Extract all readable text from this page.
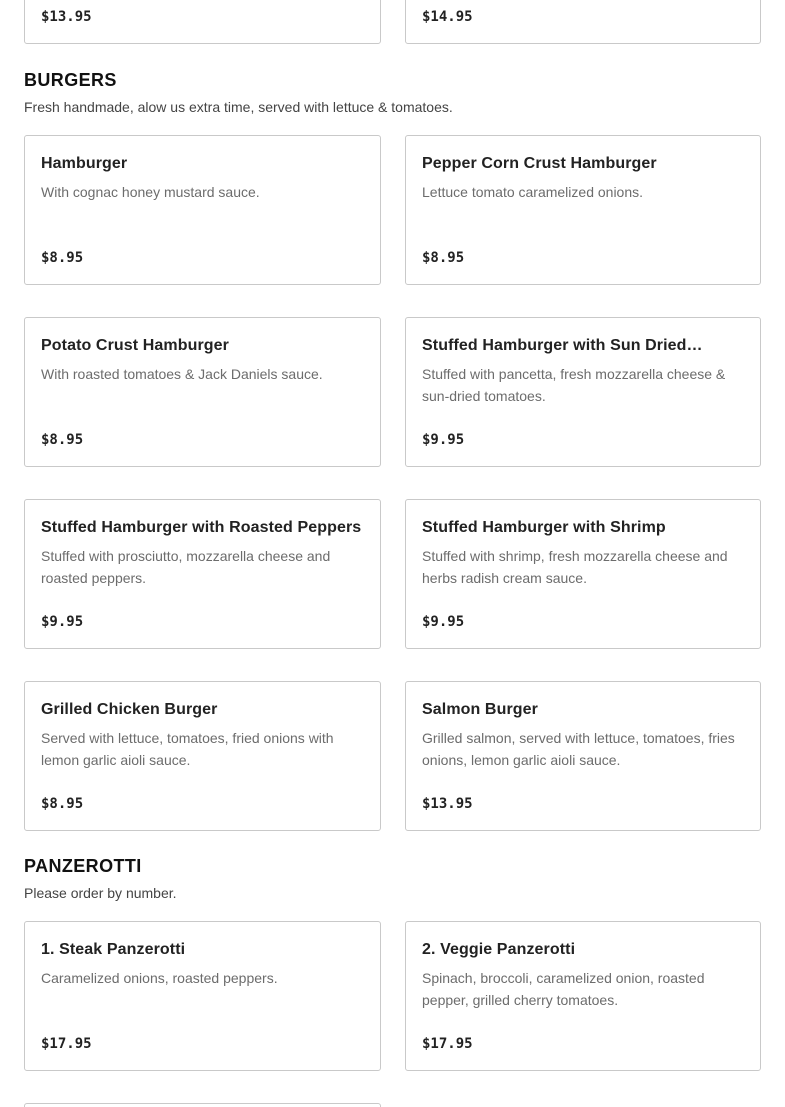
$13.95	$14.95
BURGERS
Fresh handmade, alow us extra time, served with lettuce & tomatoes.
Hamburger
With cognac honey mustard sauce.
$8.95
Pepper Corn Crust Hamburger
Lettuce tomato caramelized onions.
$8.95
Potato Crust Hamburger
With roasted tomatoes & Jack Daniels sauce.
$8.95
Stuffed Hamburger with Sun Dried…
Stuffed with pancetta, fresh mozzarella cheese & sun-dried tomatoes.
$9.95
Stuffed Hamburger with Roasted Peppers
Stuffed with prosciutto, mozzarella cheese and roasted peppers.
$9.95
Stuffed Hamburger with Shrimp
Stuffed with shrimp, fresh mozzarella cheese and herbs radish cream sauce.
$9.95
Grilled Chicken Burger
Served with lettuce, tomatoes, fried onions with lemon garlic aioli sauce.
$8.95
Salmon Burger
Grilled salmon, served with lettuce, tomatoes, fries onions, lemon garlic aioli sauce.
$13.95
PANZEROTTI
Please order by number.
1. Steak Panzerotti
Caramelized onions, roasted peppers.
$17.95
2. Veggie Panzerotti
Spinach, broccoli, caramelized onion, roasted pepper, grilled cherry tomatoes.
$17.95
